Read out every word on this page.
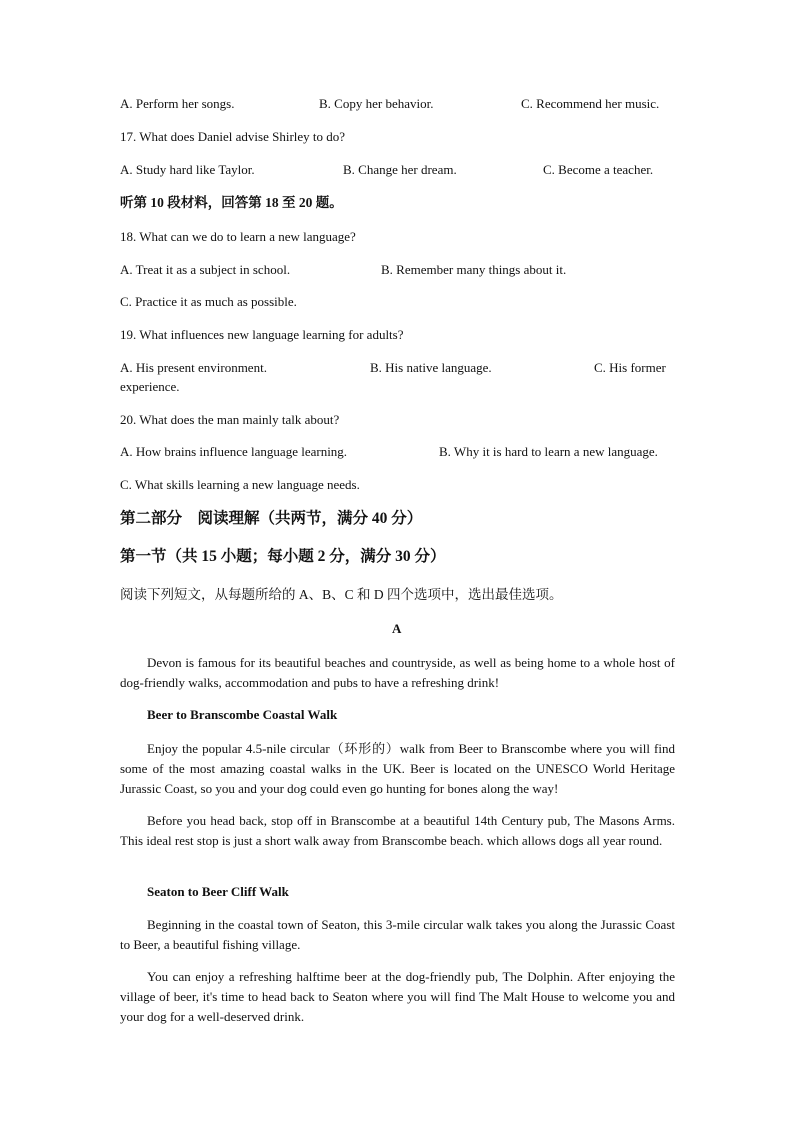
A. Perform her songs.	B. Copy her behavior.	C. Recommend her music.
17. What does Daniel advise Shirley to do?
A. Study hard like Taylor.	B. Change her dream.	C. Become a teacher.
听第 10 段材料，回答第 18 至 20 题。
18. What can we do to learn a new language?
A. Treat it as a subject in school.	B. Remember many things about it.
C. Practice it as much as possible.
19. What influences new language learning for adults?
A. His present environment.	B. His native language.	C. His former
experience.
20. What does the man mainly talk about?
A. How brains influence language learning.	B. Why it is hard to learn a new language.
C. What skills learning a new language needs.
第二部分　阅读理解（共两节，满分 40 分）
第一节（共 15 小题；每小题 2 分，满分 30 分）
阅读下列短文，从每题所给的 A、B、C 和 D 四个选项中，选出最佳选项。
A
Devon is famous for its beautiful beaches and countryside, as well as being home to a whole host of dog-friendly walks, accommodation and pubs to have a refreshing drink!
Beer to Branscombe Coastal Walk
Enjoy the popular 4.5-nile circular（环形的）walk from Beer to Branscombe where you will find some of the most amazing coastal walks in the UK. Beer is located on the UNESCO World Heritage Jurassic Coast, so you and your dog could even go hunting for bones along the way!
Before you head back, stop off in Branscombe at a beautiful 14th Century pub, The Masons Arms. This ideal rest stop is just a short walk away from Branscombe beach. which allows dogs all year round.
Seaton to Beer Cliff Walk
Beginning in the coastal town of Seaton, this 3-mile circular walk takes you along the Jurassic Coast to Beer, a beautiful fishing village.
You can enjoy a refreshing halftime beer at the dog-friendly pub, The Dolphin. After enjoying the village of beer, it's time to head back to Seaton where you will find The Malt House to welcome you and your dog for a well-deserved drink.
